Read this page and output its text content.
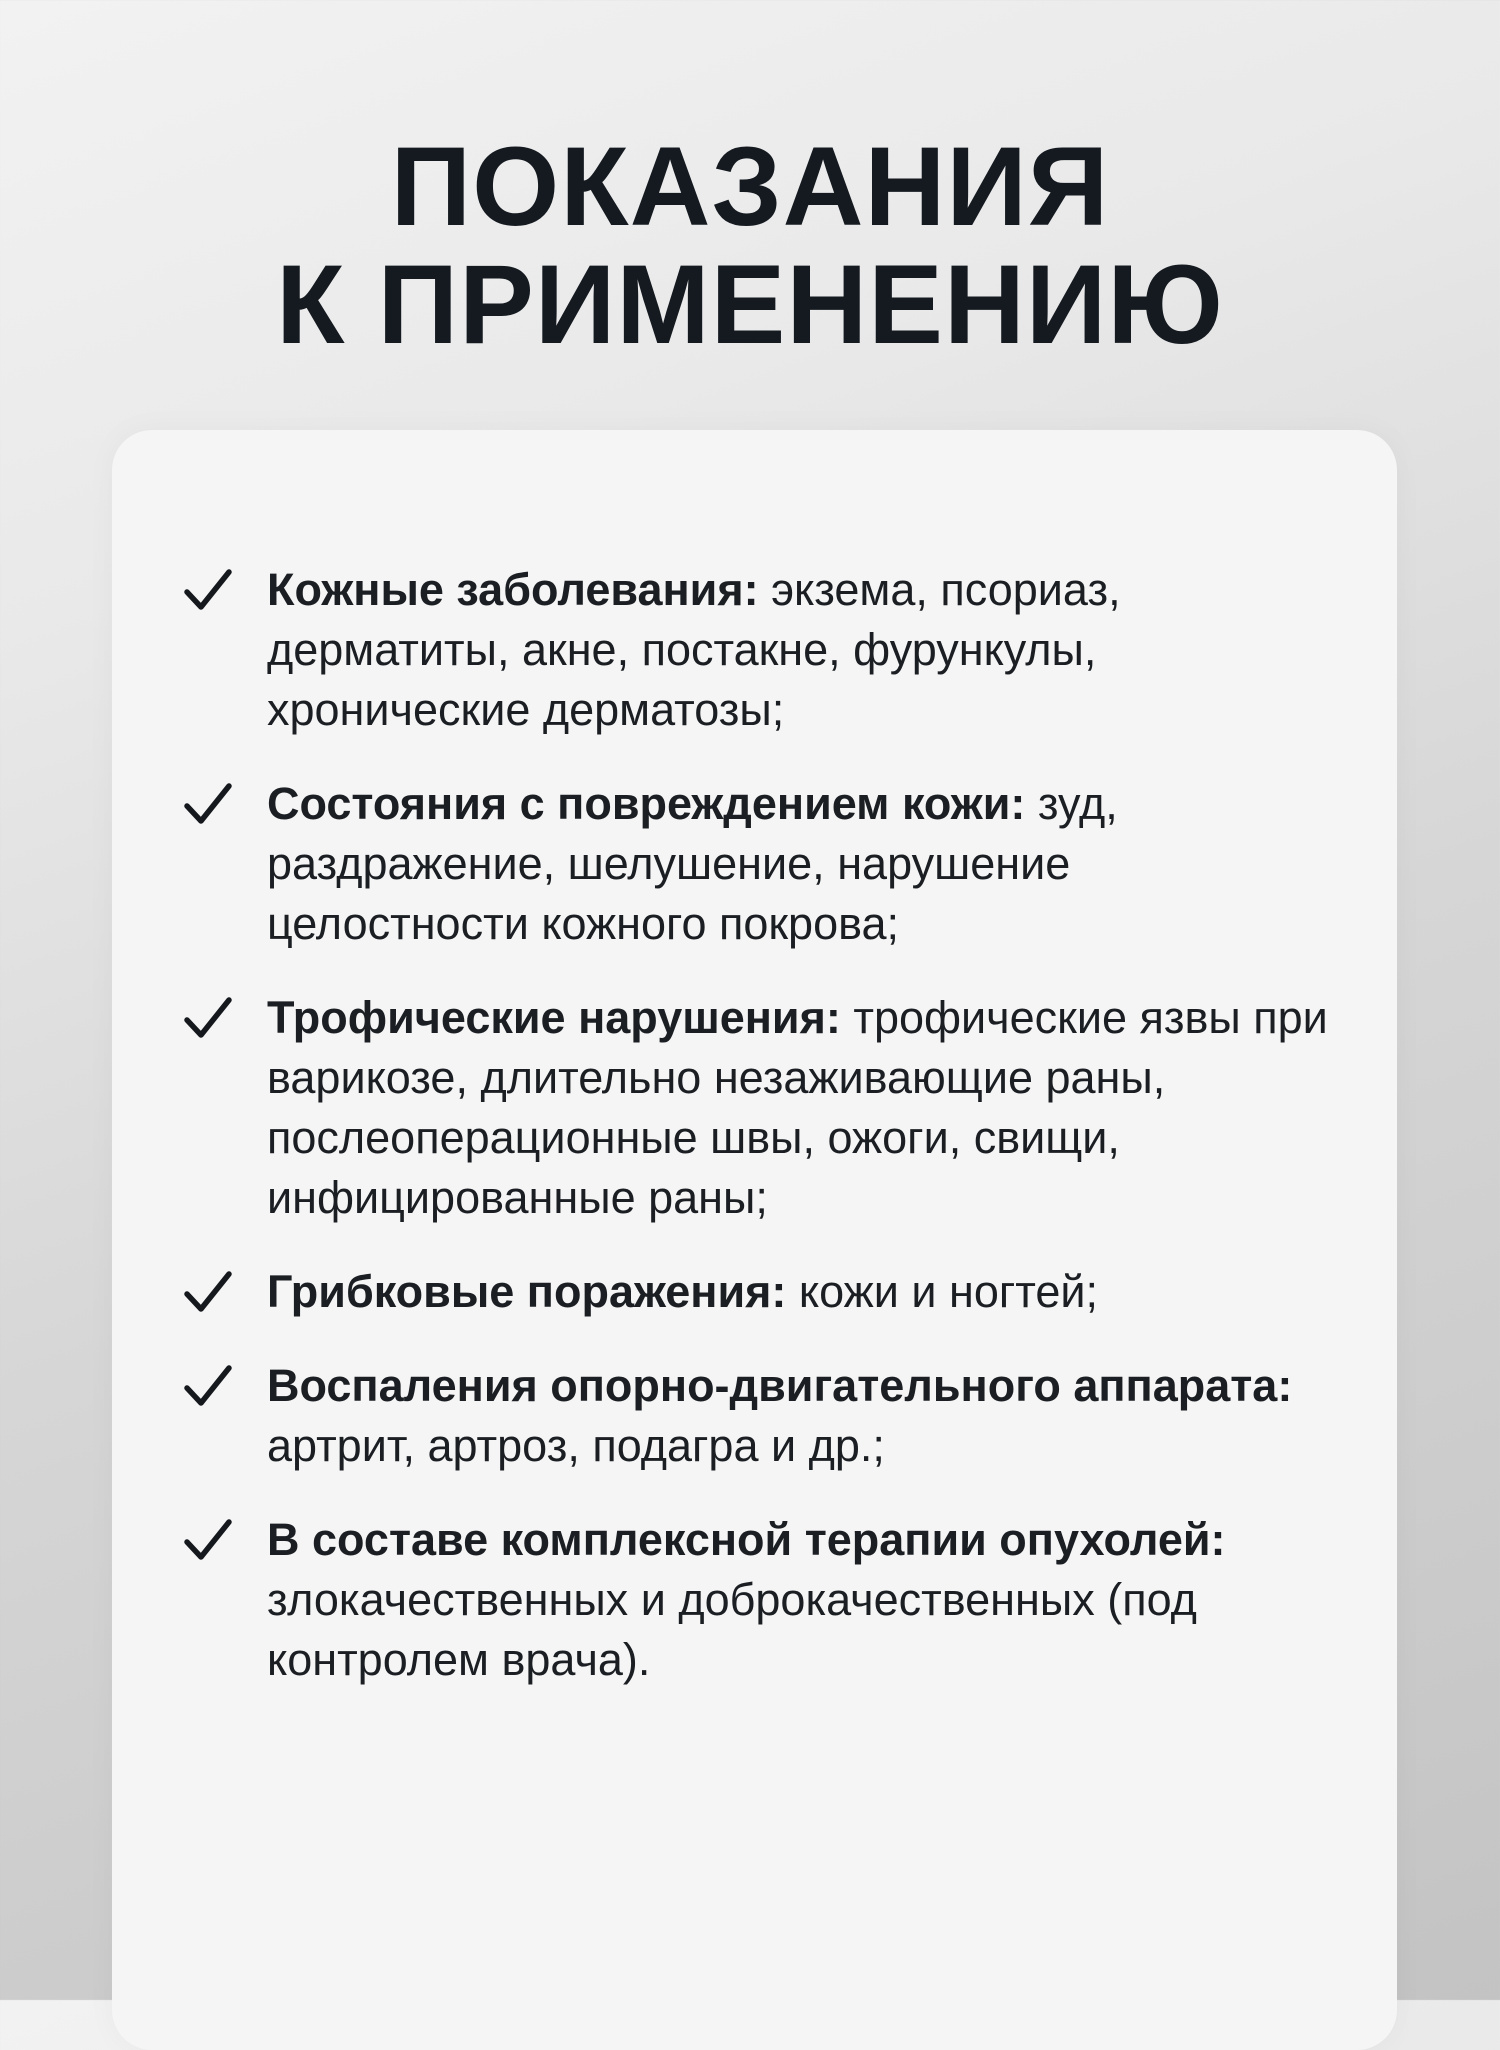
ПОКАЗАНИЯ
К ПРИМЕНЕНИЮ
Кожные заболевания: экзема, псориаз, дерматиты, акне, постакне, фурункулы, хронические дерматозы;
Состояния с повреждением кожи: зуд, раздражение, шелушение, нарушение целостности кожного покрова;
Трофические нарушения: трофические язвы при варикозе, длительно незаживающие раны, послеоперационные швы, ожоги, свищи, инфицированные раны;
Грибковые поражения: кожи и ногтей;
Воспаления опорно-двигательного аппарата: артрит, артроз, подагра и др.;
В составе комплексной терапии опухолей: злокачественных и доброкачественных (под контролем врача).
